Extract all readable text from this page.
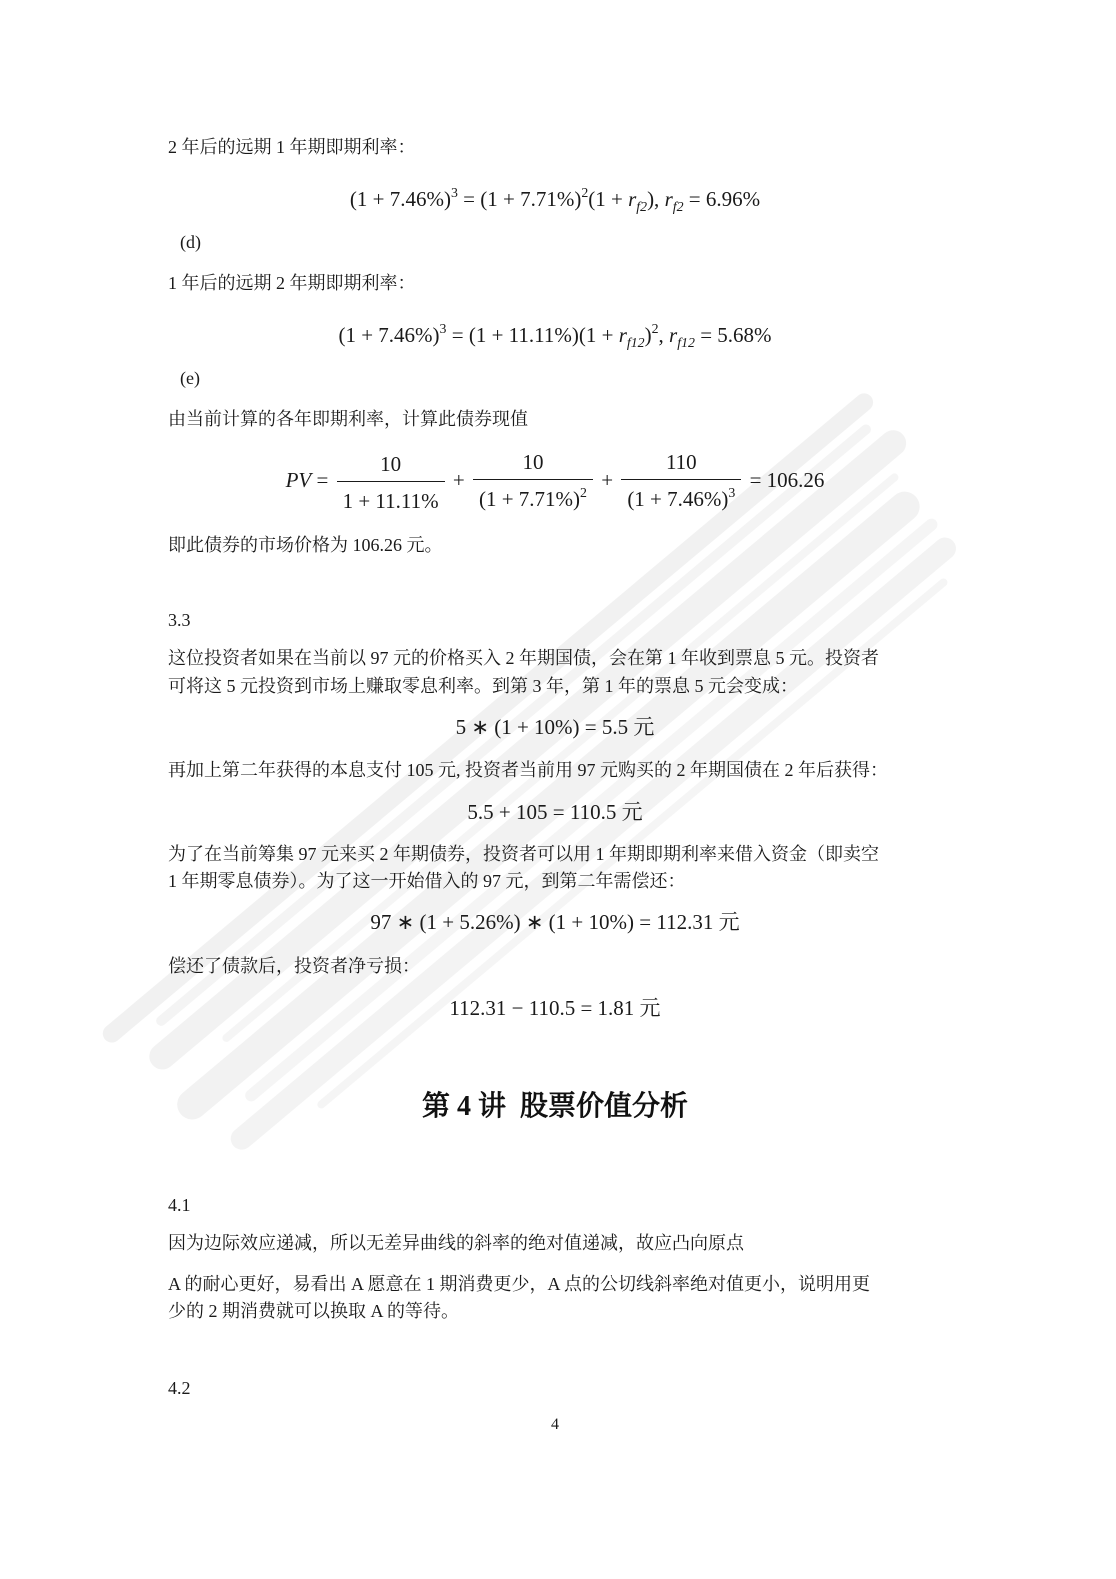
2 年后的远期 1 年期即期利率：
$(1 + 7.46\%)^3 = (1 + 7.71\%)^2(1 + r_{f2})$, $r_{f2} = 6.96\%$
(d)
1 年后的远期 2 年期即期利率：
$(1 + 7.46\%)^3 = (1 + 11.11\%)(1 + r_{f12})^2$, $r_{f12} = 5.68\%$
(e)
由当前计算的各年即期利率，计算此债券现值
PV = $\frac{10}{1 + 11.11\%} + \frac{10}{(1 + 7.71\%)^2} + \frac{110}{(1 + 7.46\%)^3} = 106.26$
即此债券的市场价格为 106.26 元。
3.3
这位投资者如果在当前以 97 元的价格买入 2 年期国债，会在第 1 年收到票息 5 元。投资者
可将这 5 元投资到市场上赚取零息利率。到第 3 年，第 1 年的票息 5 元会变成：
5 ∗ (1 + 10%) = 5.5 元
再加上第二年获得的本息支付 105 元, 投资者当前用 97 元购买的 2 年期国债在 2 年后获得：
5.5 + 105 = 110.5 元
为了在当前筹集 97 元来买 2 年期债券，投资者可以用 1 年期即期利率来借入资金（即卖空
1 年期零息债券）。为了这一开始借入的 97 元，到第二年需偿还：
97 ∗ (1 + 5.26%) ∗ (1 + 10%) = 112.31 元
偿还了债款后，投资者净亏损：
112.31 − 110.5 = 1.81 元
第 4 讲  股票价值分析
4.1
因为边际效应递减，所以无差异曲线的斜率的绝对值递减，故应凸向原点
A 的耐心更好，易看出 A 愿意在 1 期消费更少，A 点的公切线斜率绝对值更小，说明用更
少的 2 期消费就可以换取 A 的等待。
4.2
4
